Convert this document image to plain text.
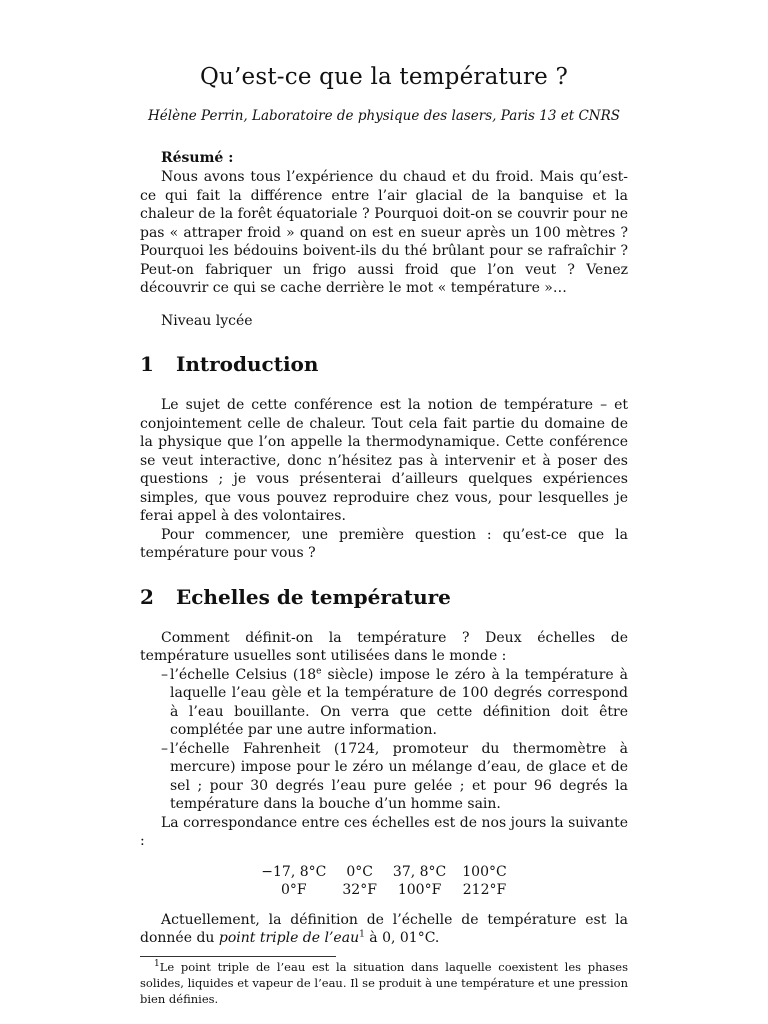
Qu’est-ce que la température ?
Hélène Perrin, Laboratoire de physique des lasers, Paris 13 et CNRS
Résumé :

Nous avons tous l’expérience du chaud et du froid. Mais qu’est-ce qui fait la différence entre l’air glacial de la banquise et la chaleur de la forêt équatoriale ? Pourquoi doit-on se couvrir pour ne pas « attraper froid » quand on est en sueur après un 100 mètres ? Pourquoi les bédouins boivent-ils du thé brûlant pour se rafraîchir ? Peut-on fabriquer un frigo aussi froid que l’on veut ? Venez découvrir ce qui se cache derrière le mot « température »…

Niveau lycée

1 Introduction

Le sujet de cette conférence est la notion de température – et conjointement celle de chaleur. Tout cela fait partie du domaine de la physique que l’on appelle la thermodynamique. Cette conférence se veut interactive, donc n’hésitez pas à intervenir et à poser des questions ; je vous présenterai d’ailleurs quelques expériences simples, que vous pouvez reproduire chez vous, pour lesquelles je ferai appel à des volontaires.

Pour commencer, une première question : qu’est-ce que la température pour vous ?

2 Echelles de température

Comment définit-on la température ? Deux échelles de température usuelles sont utilisées dans le monde :

– l’échelle Celsius (18e siècle) impose le zéro à la température à laquelle l’eau gèle et la température de 100 degrés correspond à l’eau bouillante. On verra que cette définition doit être complétée par une autre information.
– l’échelle Fahrenheit (1724, promoteur du thermomètre à mercure) impose pour le zéro un mélange d’eau, de glace et de sel ; pour 30 degrés l’eau pure gelée ; et pour 96 degrés la température dans la bouche d’un homme sain.

La correspondance entre ces échelles est de nos jours la suivante :

−17, 8°C	0°C	37, 8°C	100°C
0°F	32°F	100°F	212°F

Actuellement, la définition de l’échelle de température est la donnée du point triple de l’eau$^1$ à 0, 01°C.

$^1$Le point triple de l’eau est la situation dans laquelle coexistent les phases solides, liquides et vapeur de l’eau. Il se produit à une température et une pression bien définies.
